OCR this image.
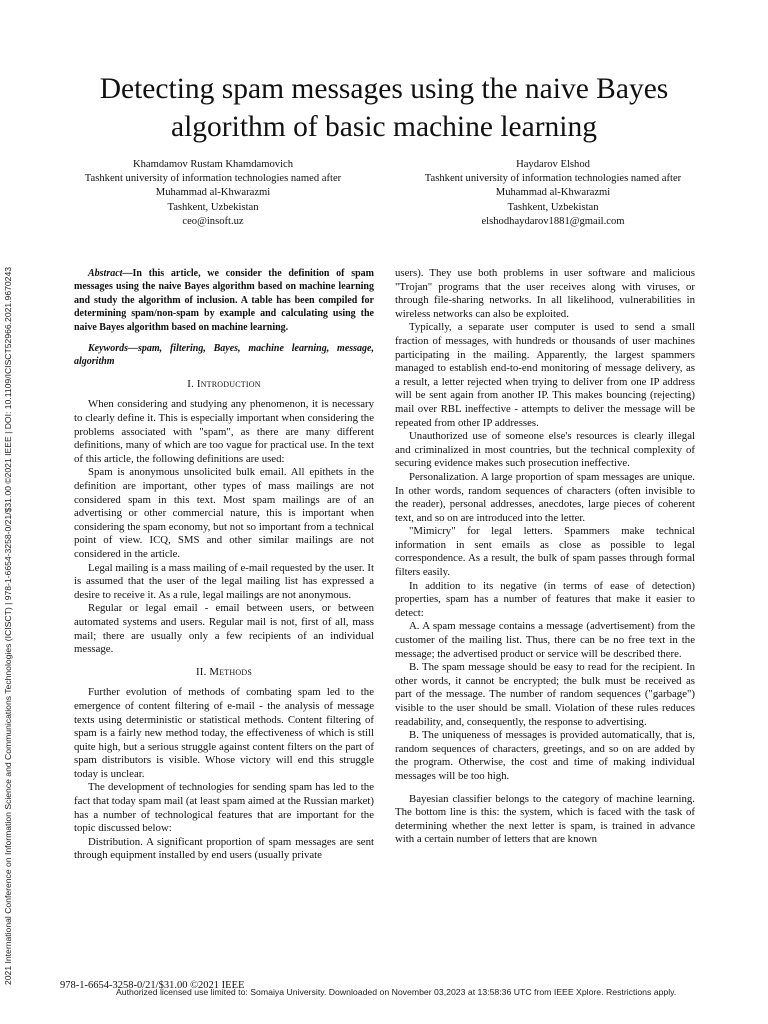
2021 International Conference on Information Science and Communications Technologies (ICISCT) | 978-1-6654-3258-0/21/$31.00 ©2021 IEEE | DOI: 10.1109/ICISCT52966.2021.9670243
Detecting spam messages using the naive Bayes algorithm of basic machine learning
Khamdamov Rustam Khamdamovich
Tashkent university of information technologies named after
Muhammad al-Khwarazmi
Tashkent, Uzbekistan
ceo@insoft.uz
Haydarov Elshod
Tashkent university of information technologies named after
Muhammad al-Khwarazmi
Tashkent, Uzbekistan
elshodhaydarov1881@gmail.com

Abstract—In this article, we consider the definition of spam messages using the naive Bayes algorithm based on machine learning and study the algorithm of inclusion. A table has been compiled for determining spam/non-spam by example and calculating using the naive Bayes algorithm based on machine learning.

Keywords—spam, filtering, Bayes, machine learning, message, algorithm

I. Introduction

When considering and studying any phenomenon, it is necessary to clearly define it. This is especially important when considering the problems associated with "spam", as there are many different definitions, many of which are too vague for practical use. In the text of this article, the following definitions are used:

Spam is anonymous unsolicited bulk email. All epithets in the definition are important, other types of mass mailings are not considered spam in this text. Most spam mailings are of an advertising or other commercial nature, this is important when considering the spam economy, but not so important from a technical point of view. ICQ, SMS and other similar mailings are not considered in the article.

Legal mailing is a mass mailing of e-mail requested by the user. It is assumed that the user of the legal mailing list has expressed a desire to receive it. As a rule, legal mailings are not anonymous.

Regular or legal email - email between users, or between automated systems and users. Regular mail is not, first of all, mass mail; there are usually only a few recipients of an individual message.

II. Methods

Further evolution of methods of combating spam led to the emergence of content filtering of e-mail - the analysis of message texts using deterministic or statistical methods. Content filtering of spam is a fairly new method today, the effectiveness of which is still quite high, but a serious struggle against content filters on the part of spam distributors is visible. Whose victory will end this struggle today is unclear.

The development of technologies for sending spam has led to the fact that today spam mail (at least spam aimed at the Russian market) has a number of technological features that are important for the topic discussed below:

Distribution. A significant proportion of spam messages are sent through equipment installed by end users (usually private

users). They use both problems in user software and malicious "Trojan" programs that the user receives along with viruses, or through file-sharing networks. In all likelihood, vulnerabilities in wireless networks can also be exploited.

Typically, a separate user computer is used to send a small fraction of messages, with hundreds or thousands of user machines participating in the mailing. Apparently, the largest spammers managed to establish end-to-end monitoring of message delivery, as a result, a letter rejected when trying to deliver from one IP address will be sent again from another IP. This makes bouncing (rejecting) mail over RBL ineffective - attempts to deliver the message will be repeated from other IP addresses.

Unauthorized use of someone else's resources is clearly illegal and criminalized in most countries, but the technical complexity of securing evidence makes such prosecution ineffective.

Personalization. A large proportion of spam messages are unique. In other words, random sequences of characters (often invisible to the reader), personal addresses, anecdotes, large pieces of coherent text, and so on are introduced into the letter.

"Mimicry" for legal letters. Spammers make technical information in sent emails as close as possible to legal correspondence. As a result, the bulk of spam passes through formal filters easily.

In addition to its negative (in terms of ease of detection) properties, spam has a number of features that make it easier to detect:

A. A spam message contains a message (advertisement) from the customer of the mailing list. Thus, there can be no free text in the message; the advertised product or service will be described there.

B. The spam message should be easy to read for the recipient. In other words, it cannot be encrypted; the bulk must be received as part of the message. The number of random sequences ("garbage") visible to the user should be small. Violation of these rules reduces readability, and, consequently, the response to advertising.

B. The uniqueness of messages is provided automatically, that is, random sequences of characters, greetings, and so on are added by the program. Otherwise, the cost and time of making individual messages will be too high.

Bayesian classifier belongs to the category of machine learning. The bottom line is this: the system, which is faced with the task of determining whether the next letter is spam, is trained in advance with a certain number of letters that are known

978-1-6654-3258-0/21/$31.00 ©2021 IEEE
Authorized licensed use limited to: Somaiya University. Downloaded on November 03,2023 at 13:58:36 UTC from IEEE Xplore. Restrictions apply.
